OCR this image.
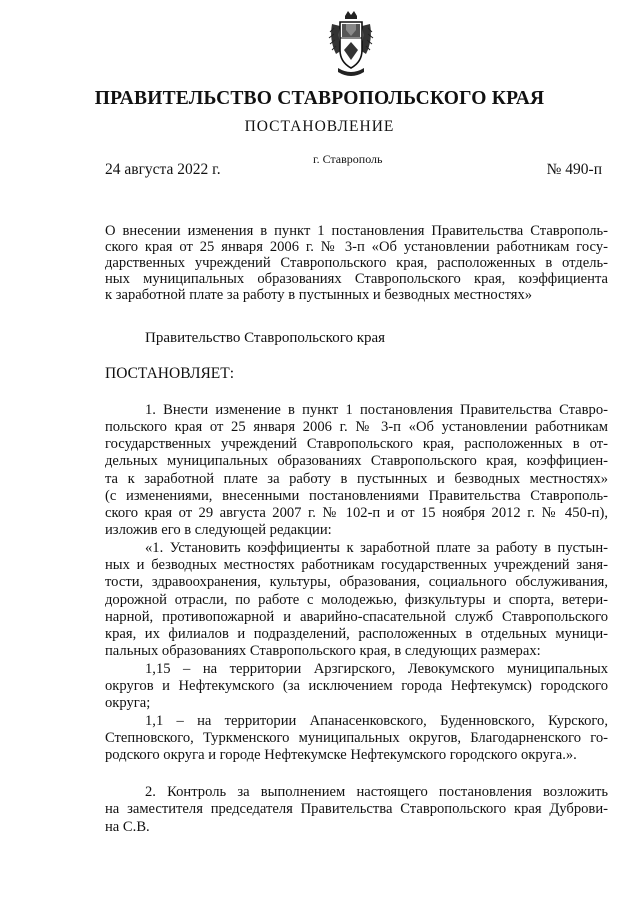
ПРАВИТЕЛЬСТВО СТАВРОПОЛЬСКОГО КРАЯ
ПОСТАНОВЛЕНИЕ
24 августа 2022 г.
г. Ставрополь
№ 490-п
О внесении изменения в пункт 1 постановления Правительства Ставрополь-
ского края от 25 января 2006 г. № 3-п «Об установлении работникам госу-
дарственных учреждений Ставропольского края, расположенных в отдель-
ных муниципальных образованиях Ставропольского края, коэффициента
к заработной плате за работу в пустынных и безводных местностях»
Правительство Ставропольского края
ПОСТАНОВЛЯЕТ:
1. Внести изменение в пункт 1 постановления Правительства Ставро-
польского края от 25 января 2006 г. № 3-п «Об установлении работникам
государственных учреждений Ставропольского края, расположенных в от-
дельных муниципальных образованиях Ставропольского края, коэффициен-
та к заработной плате за работу в пустынных и безводных местностях»
(с изменениями, внесенными постановлениями Правительства Ставрополь-
ского края от 29 августа 2007 г. № 102-п и от 15 ноября 2012 г. № 450-п),
изложив его в следующей редакции:
«1. Установить коэффициенты к заработной плате за работу в пустын-
ных и безводных местностях работникам государственных учреждений заня-
тости, здравоохранения, культуры, образования, социального обслуживания,
дорожной отрасли, по работе с молодежью, физкультуры и спорта, ветери-
нарной, противопожарной и аварийно-спасательной служб Ставропольского
края, их филиалов и подразделений, расположенных в отдельных муници-
пальных образованиях Ставропольского края, в следующих размерах:
1,15 – на территории Арзгирского, Левокумского муниципальных
округов и Нефтекумского (за исключением города Нефтекумск) городского
округа;
1,1 – на территории Апанасенковского, Буденновского, Курского,
Степновского, Туркменского муниципальных округов, Благодарненского го-
родского округа и городе Нефтекумске Нефтекумского городского округа.».
2. Контроль за выполнением настоящего постановления возложить
на заместителя председателя Правительства Ставропольского края Дуброви-
на С.В.
